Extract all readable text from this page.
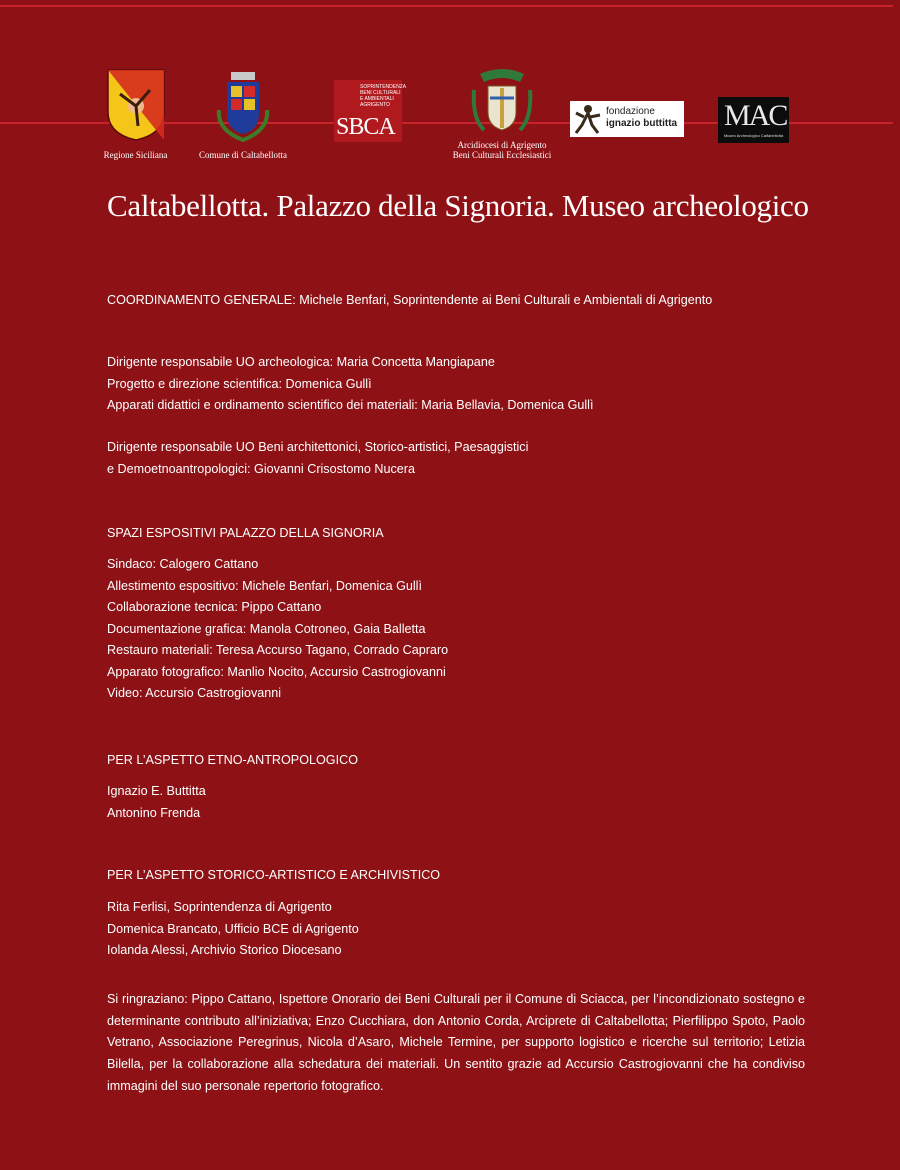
Regione Siciliana	Comune di Caltabellotta
SOPRINTENDENZA
BENI CULTURALI
E AMBIENTALI
AGRIGENTO
SBCA
Arcidiocesi di Agrigento
Beni Culturali Ecclesiastici
fondazione
ignazio buttitta MAC
Museo Archeologico Caltabellotta
Caltabellotta. Palazzo della Signoria. Museo archeologico

COORDINAMENTO GENERALE: Michele Benfari, Soprintendente ai Beni Culturali e Ambientali di Agrigento

Dirigente responsabile UO archeologica: Maria Concetta Mangiapane

Progetto e direzione scientifica: Domenica Gullì

Apparati didattici e ordinamento scientifico dei materiali: Maria Bellavia, Domenica Gullì

Dirigente responsabile UO Beni architettonici, Storico-artistici, Paesaggistici

e Demoetnoantropologici: Giovanni Crisostomo Nucera

SPAZI ESPOSITIVI PALAZZO DELLA SIGNORIA

Sindaco: Calogero Cattano

Allestimento espositivo: Michele Benfari, Domenica Gullì

Collaborazione tecnica: Pippo Cattano

Documentazione grafica: Manola Cotroneo, Gaia Balletta

Restauro materiali: Teresa Accurso Tagano, Corrado Capraro

Apparato fotografico: Manlio Nocito, Accursio Castrogiovanni

Video: Accursio Castrogiovanni

PER L’ASPETTO ETNO-ANTROPOLOGICO

Ignazio E. Buttitta

Antonino Frenda

PER L’ASPETTO STORICO-ARTISTICO E ARCHIVISTICO

Rita Ferlisi, Soprintendenza di Agrigento

Domenica Brancato, Ufficio BCE di Agrigento

Iolanda Alessi, Archivio Storico Diocesano

Si ringraziano: Pippo Cattano, Ispettore Onorario dei Beni Culturali per il Comune di Sciacca, per l’incondizionato sostegno e determinante contributo all’iniziativa; Enzo Cucchiara, don Antonio Corda, Arciprete di Caltabellotta; Pierfilippo Spoto, Paolo Vetrano, Associazione Peregrinus, Nicola d’Asaro, Michele Termine, per supporto logistico e ricerche sul territorio; Letizia Bilella, per la collaborazione alla schedatura dei materiali. Un sentito grazie ad Accursio Castrogiovanni che ha condiviso immagini del suo personale repertorio fotografico.
